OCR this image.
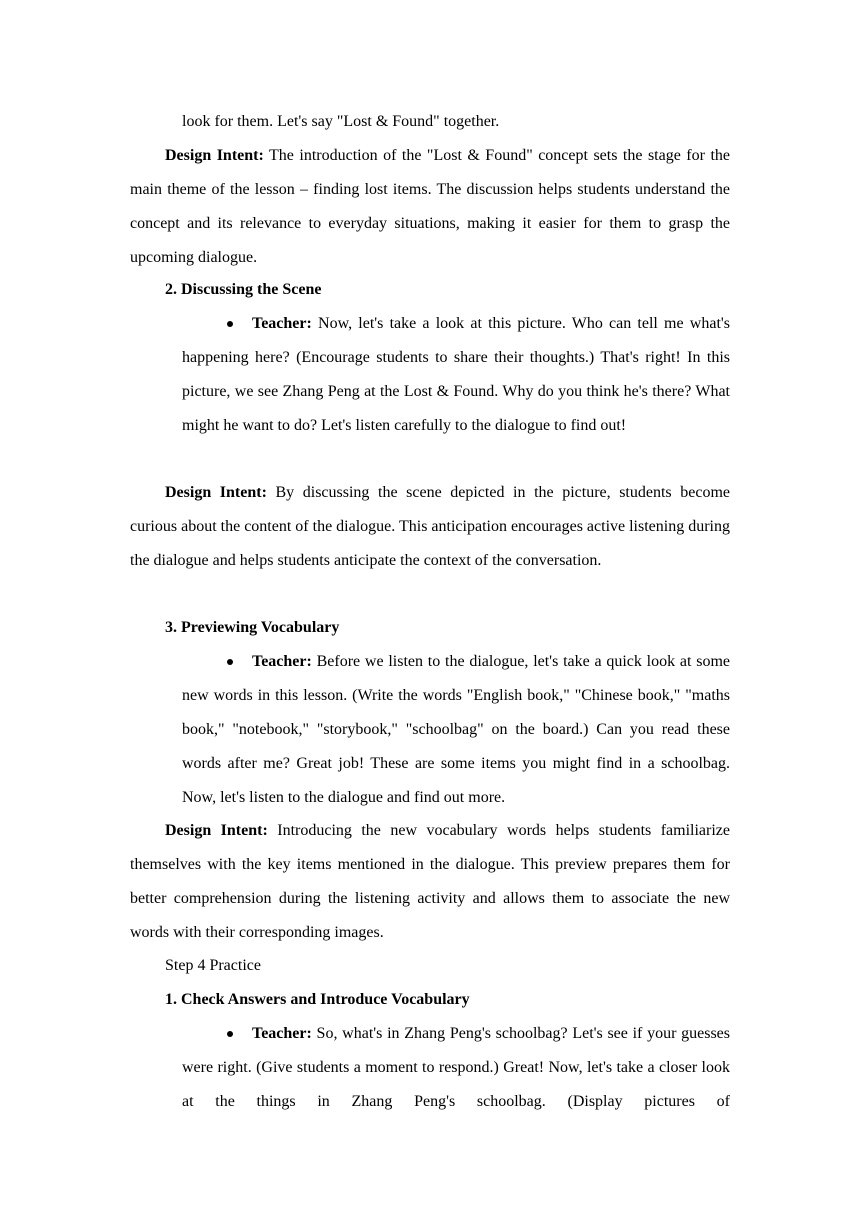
look for them. Let's say "Lost & Found" together.

Design Intent: The introduction of the "Lost & Found" concept sets the stage for the main theme of the lesson – finding lost items. The discussion helps students understand the concept and its relevance to everyday situations, making it easier for them to grasp the upcoming dialogue.

2. Discussing the Scene

Teacher: Now, let's take a look at this picture. Who can tell me what's happening here? (Encourage students to share their thoughts.) That's right! In this picture, we see Zhang Peng at the Lost & Found. Why do you think he's there? What might he want to do? Let's listen carefully to the dialogue to find out!

Design Intent: By discussing the scene depicted in the picture, students become curious about the content of the dialogue. This anticipation encourages active listening during the dialogue and helps students anticipate the context of the conversation.

3. Previewing Vocabulary

Teacher: Before we listen to the dialogue, let's take a quick look at some new words in this lesson. (Write the words "English book," "Chinese book," "maths book," "notebook," "storybook," "schoolbag" on the board.) Can you read these words after me? Great job! These are some items you might find in a schoolbag. Now, let's listen to the dialogue and find out more.

Design Intent: Introducing the new vocabulary words helps students familiarize themselves with the key items mentioned in the dialogue. This preview prepares them for better comprehension during the listening activity and allows them to associate the new words with their corresponding images.

Step 4 Practice

1. Check Answers and Introduce Vocabulary

Teacher: So, what's in Zhang Peng's schoolbag? Let's see if your guesses were right. (Give students a moment to respond.) Great! Now, let's take a closer look at the things in Zhang Peng's schoolbag. (Display pictures of
